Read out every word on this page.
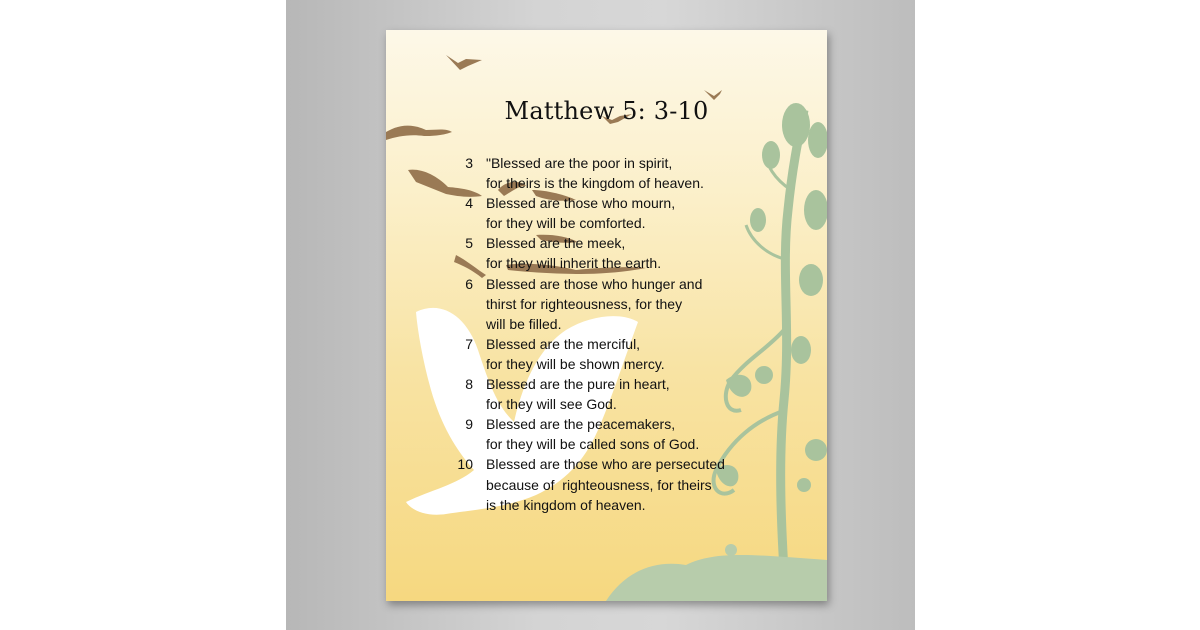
Matthew 5: 3-10
3 "Blessed are the poor in spirit,
for theirs is the kingdom of heaven.
4 Blessed are those who mourn,
for they will be comforted.
5 Blessed are the meek,
for they will inherit the earth.
6 Blessed are those who hunger and
thirst for righteousness, for they
will be filled.
7 Blessed are the merciful,
for they will be shown mercy.
8 Blessed are the pure in heart,
for they will see God.
9 Blessed are the peacemakers,
for they will be called sons of God.
10 Blessed are those who are persecuted
because of  righteousness, for theirs
is the kingdom of heaven.
